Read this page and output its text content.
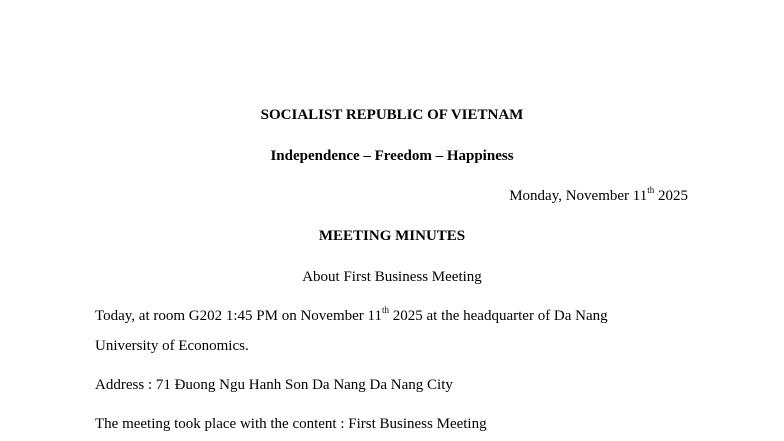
SOCIALIST REPUBLIC OF VIETNAM
Independence – Freedom – Happiness
Monday, November 11th 2025
MEETING MINUTES
About First Business Meeting
Today, at room G202 1:45 PM on November 11th 2025 at the headquarter of Da Nang
University of Economics.
Address : 71 Đuong Ngu Hanh Son Da Nang Da Nang City
The meeting took place with the content : First Business Meeting
